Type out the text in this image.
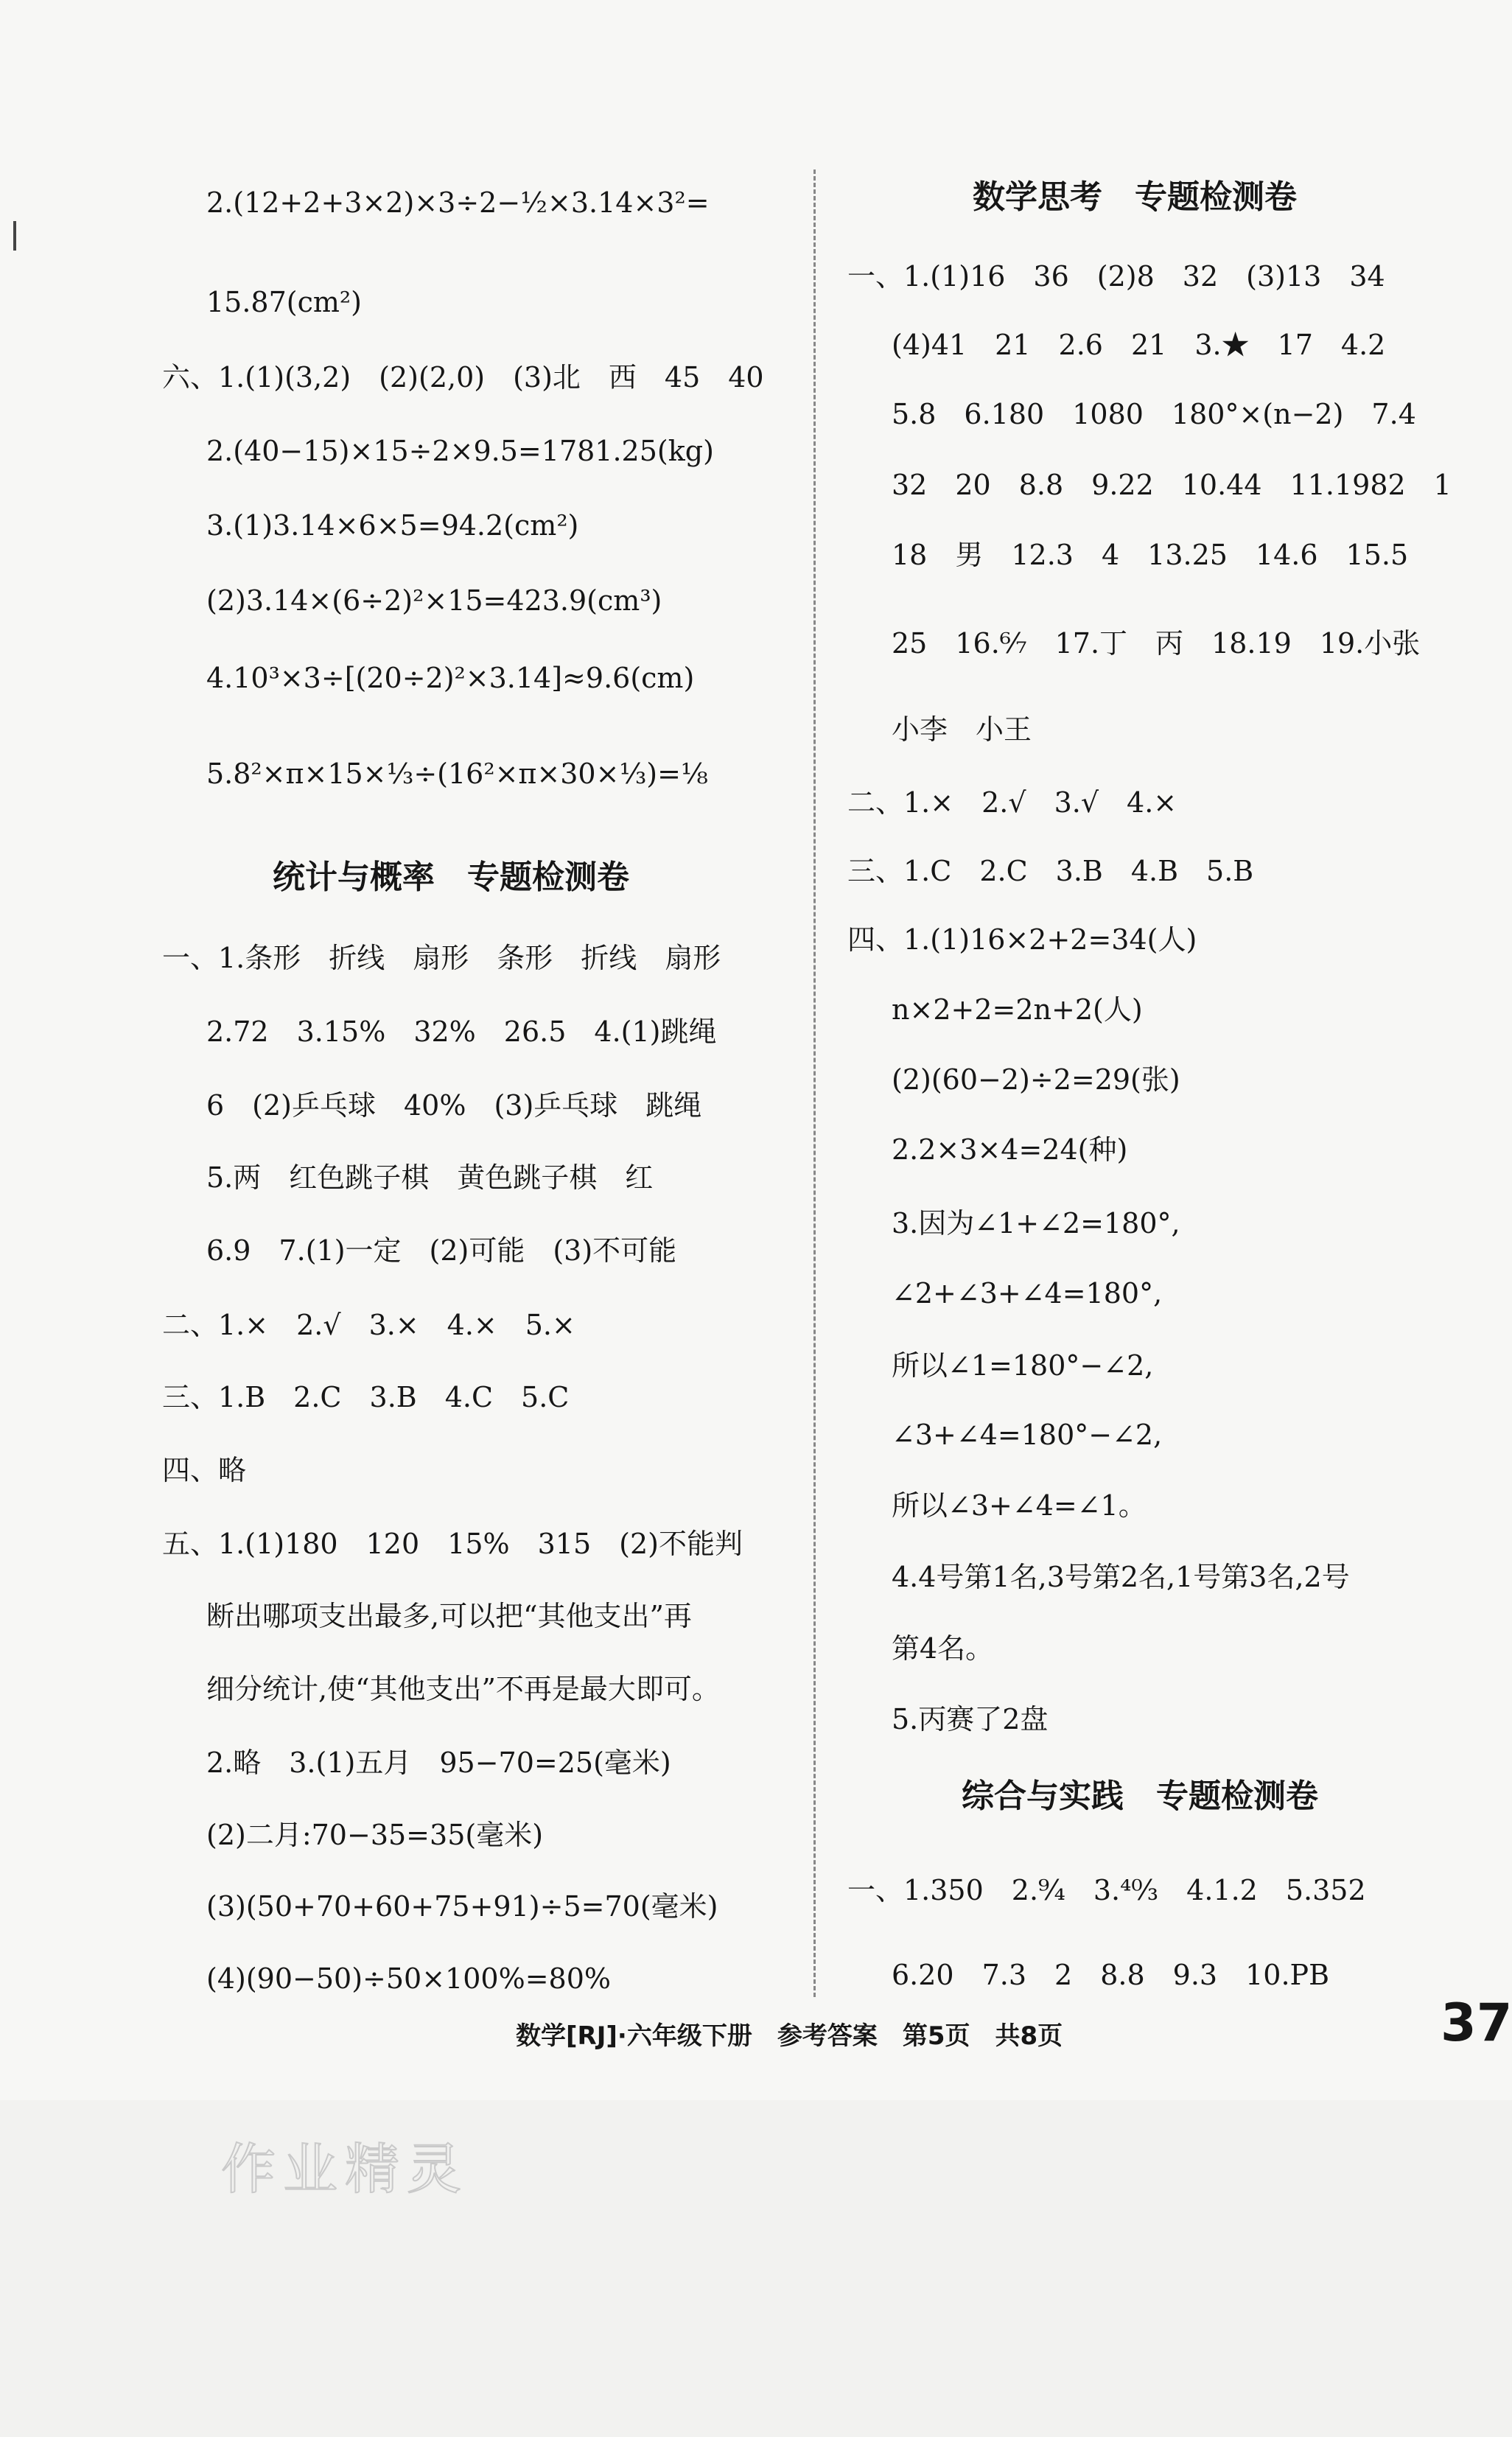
2.(12+2+3×2)×3÷2−½×3.14×3²=
15.87(cm²)
六、1.(1)(3,2)　(2)(2,0)　(3)北　西　45　40
2.(40−15)×15÷2×9.5=1781.25(kg)
3.(1)3.14×6×5=94.2(cm²)
(2)3.14×(6÷2)²×15=423.9(cm³)
4.10³×3÷[(20÷2)²×3.14]≈9.6(cm)
5.8²×π×15×⅓÷(16²×π×30×⅓)=⅛
统计与概率　专题检测卷
一、1.条形　折线　扇形　条形　折线　扇形
2.72　3.15%　32%　26.5　4.(1)跳绳
6　(2)乒乓球　40%　(3)乒乓球　跳绳
5.两　红色跳子棋　黄色跳子棋　红
6.9　7.(1)一定　(2)可能　(3)不可能
二、1.×　2.√　3.×　4.×　5.×
三、1.B　2.C　3.B　4.C　5.C
四、略
五、1.(1)180　120　15%　315　(2)不能判
断出哪项支出最多,可以把“其他支出”再
细分统计,使“其他支出”不再是最大即可。
2.略　3.(1)五月　95−70=25(毫米)
(2)二月:70−35=35(毫米)
(3)(50+70+60+75+91)÷5=70(毫米)
(4)(90−50)÷50×100%=80%
数学思考　专题检测卷
一、1.(1)16　36　(2)8　32　(3)13　34
(4)41　21　2.6　21　3.★　17　4.2
5.8　6.180　1080　180°×(n−2)　7.4
32　20　8.8　9.22　10.44　11.1982　1
18　男　12.3　4　13.25　14.6　15.5
25　16.⁶⁄₇　17.丁　丙　18.19　19.小张
小李　小王
二、1.×　2.√　3.√　4.×
三、1.C　2.C　3.B　4.B　5.B
四、1.(1)16×2+2=34(人)
n×2+2=2n+2(人)
(2)(60−2)÷2=29(张)
2.2×3×4=24(种)
3.因为∠1+∠2=180°,
∠2+∠3+∠4=180°,
所以∠1=180°−∠2,
∠3+∠4=180°−∠2,
所以∠3+∠4=∠1。
4.4号第1名,3号第2名,1号第3名,2号
第4名。
5.丙赛了2盘
综合与实践　专题检测卷
一、1.350　2.⁹⁄₄　3.⁴⁰⁄₃　4.1.2　5.352
6.20　7.3　2　8.8　9.3　10.PB
数学[RJ]·六年级下册　参考答案　第5页　共8页	37
作业精灵
